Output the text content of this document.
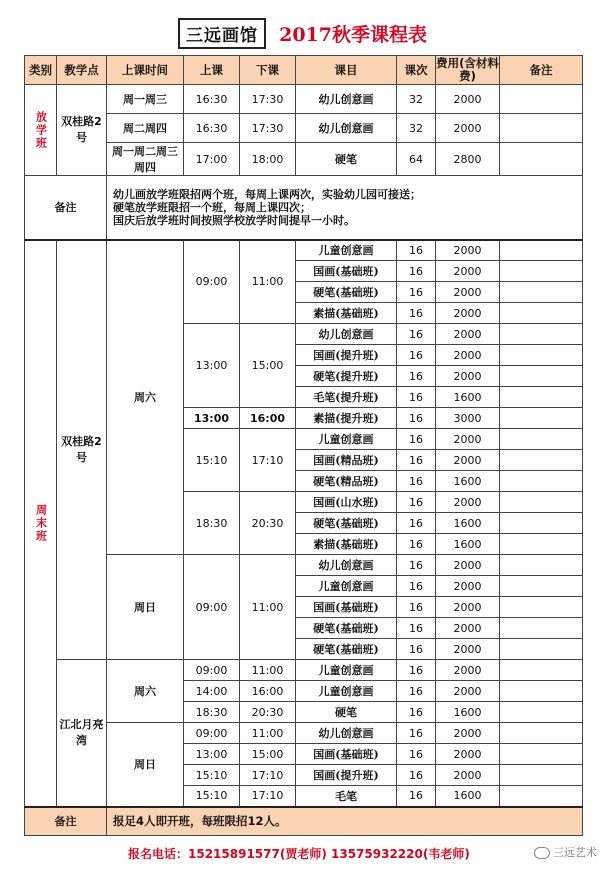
三远画馆 2017秋季课程表
类别	教学点	上课时间	上课	下课	课目	课次	费用(含材料费)	备注
放学班	双桂路2号	周一周三	16:30	17:30	幼儿创意画	32	2000	
		周二周四	16:30	17:30	幼儿创意画	32	2000	
		周一周二周三周四	17:00	18:00	硬笔	64	2800	
备注		幼儿画放学班限招两个班，每周上课两次，实验幼儿园可接送；
硬笔放学班限招一个班，每周上课四次；
国庆后放学班时间按照学校放学时间提早一小时。						

周末班	双桂路2号	周六	09:00	11:00	儿童创意画	16	2000	
					国画(基础班)	16	2000	
					硬笔(基础班)	16	2000	
					素描(基础班)	16	2000	
			13:00	15:00	幼儿创意画	16	2000	
					国画(提升班)	16	2000	
					硬笔(提升班)	16	2000	
					毛笔(提升班)	16	1600	
			13:00	16:00	素描(提升班)	16	3000	
			15:10	17:10	儿童创意画	16	2000	
					国画(精品班)	16	2000	
					硬笔(精品班)	16	1600	
			18:30	20:30	国画(山水班)	16	2000	
					硬笔(基础班)	16	1600	
					素描(基础班)	16	1600	
		周日	09:00	11:00	幼儿创意画	16	2000	
					儿童创意画	16	2000	
					国画(基础班)	16	2000	
					硬笔(基础班)	16	2000	
					硬笔(基础班)	16	2000	
	江北月亮湾	周六	09:00	11:00	儿童创意画	16	2000	
			14:00	16:00	儿童创意画	16	2000	
			18:30	20:30	硬笔	16	1600	
		周日	09:00	11:00	幼儿创意画	16	2000	
			13:00	15:00	国画(基础班)	16	2000	
			15:10	17:10	国画(提升班)	16	2000	
			15:10	17:10	毛笔	16	1600	
备注		报足4人即开班，每班限招12人。						
报名电话：15215891577(贾老师) 13575932220(韦老师)	三远艺术
